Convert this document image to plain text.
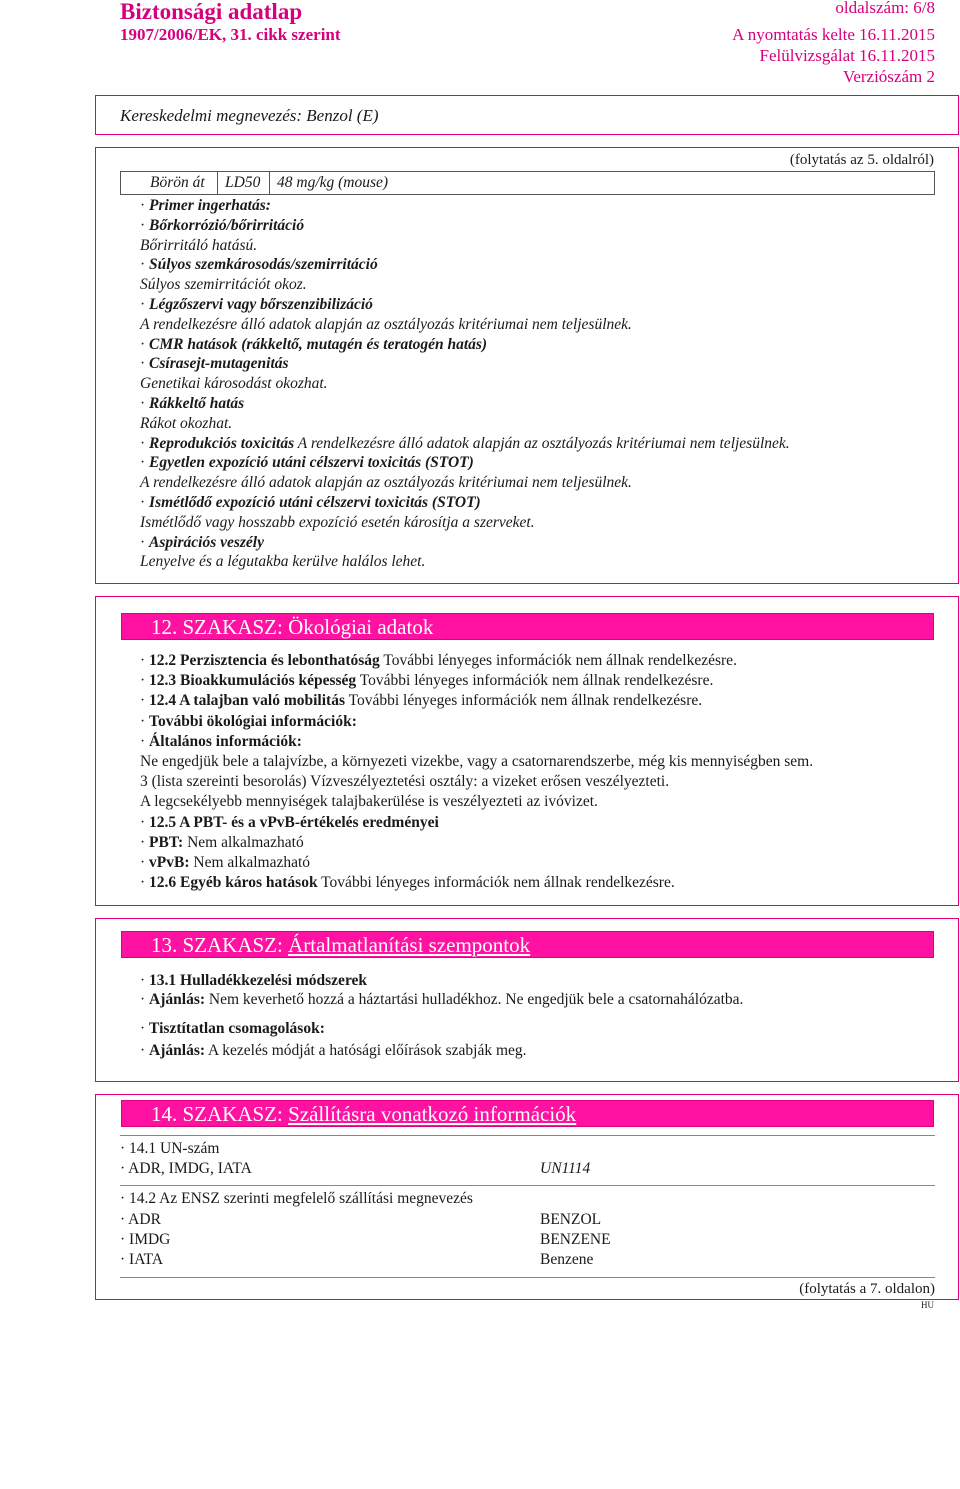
Biztonsági adatlap	oldalszám: 6/8
1907/2006/EK, 31. cikk szerint	A nyomtatás kelte 16.11.2015
Felülvizsgálat 16.11.2015
Verziószám 2
Kereskedelmi megnevezés: Benzol (E)
(folytatás az 5. oldalról)
Börön át LD50 48 mg/kg (mouse)
· Primer ingerhatás:
· Bőrkorrózió/bőrirritáció
Bőrirritáló hatású.
· Súlyos szemkárosodás/szemirritáció
Súlyos szemirritációt okoz.
· Légzőszervi vagy bőrszenzibilizáció
A rendelkezésre álló adatok alapján az osztályozás kritériumai nem teljesülnek.
· CMR hatások (rákkeltő, mutagén és teratogén hatás)
· Csírasejt-mutagenitás
Genetikai károsodást okozhat.
· Rákkeltő hatás
Rákot okozhat.
· Reprodukciós toxicitás A rendelkezésre álló adatok alapján az osztályozás kritériumai nem teljesülnek.
· Egyetlen expozíció utáni célszervi toxicitás (STOT)
A rendelkezésre álló adatok alapján az osztályozás kritériumai nem teljesülnek.
· Ismétlődő expozíció utáni célszervi toxicitás (STOT)
Ismétlődő vagy hosszabb expozíció esetén károsítja a szerveket.
· Aspirációs veszély
Lenyelve és a légutakba kerülve halálos lehet.
12. SZAKASZ: Ökológiai adatok
· 12.2 Perzisztencia és lebonthatóság További lényeges információk nem állnak rendelkezésre.
· 12.3 Bioakkumulációs képesség További lényeges információk nem állnak rendelkezésre.
· 12.4 A talajban való mobilitás További lényeges információk nem állnak rendelkezésre.
· További ökológiai információk:
· Általános információk:
Ne engedjük bele a talajvízbe, a környezeti vizekbe, vagy a csatornarendszerbe, még kis mennyiségben sem.
3 (lista szereinti besorolás) Vízveszélyeztetési osztály: a vizeket erősen veszélyezteti.
A legcsekélyebb mennyiségek talajbakerülése is veszélyezteti az ivóvizet.
· 12.5 A PBT- és a vPvB-értékelés eredményei
· PBT: Nem alkalmazható
· vPvB: Nem alkalmazható
· 12.6 Egyéb káros hatások További lényeges információk nem állnak rendelkezésre.
13. SZAKASZ: Ártalmatlanítási szempontok
· 13.1 Hulladékkezelési módszerek
· Ajánlás: Nem keverhető hozzá a háztartási hulladékhoz. Ne engedjük bele a csatornahálózatba.
· Tisztítatlan csomagolások:
· Ajánlás: A kezelés módját a hatósági előírások szabják meg.
14. SZAKASZ: Szállításra vonatkozó információk
· 14.1 UN-szám
· ADR, IMDG, IATA	UN1114
· 14.2 Az ENSZ szerinti megfelelő szállítási megnevezés
· ADR	BENZOL
· IMDG	BENZENE
· IATA	Benzene
(folytatás a 7. oldalon)
HU
